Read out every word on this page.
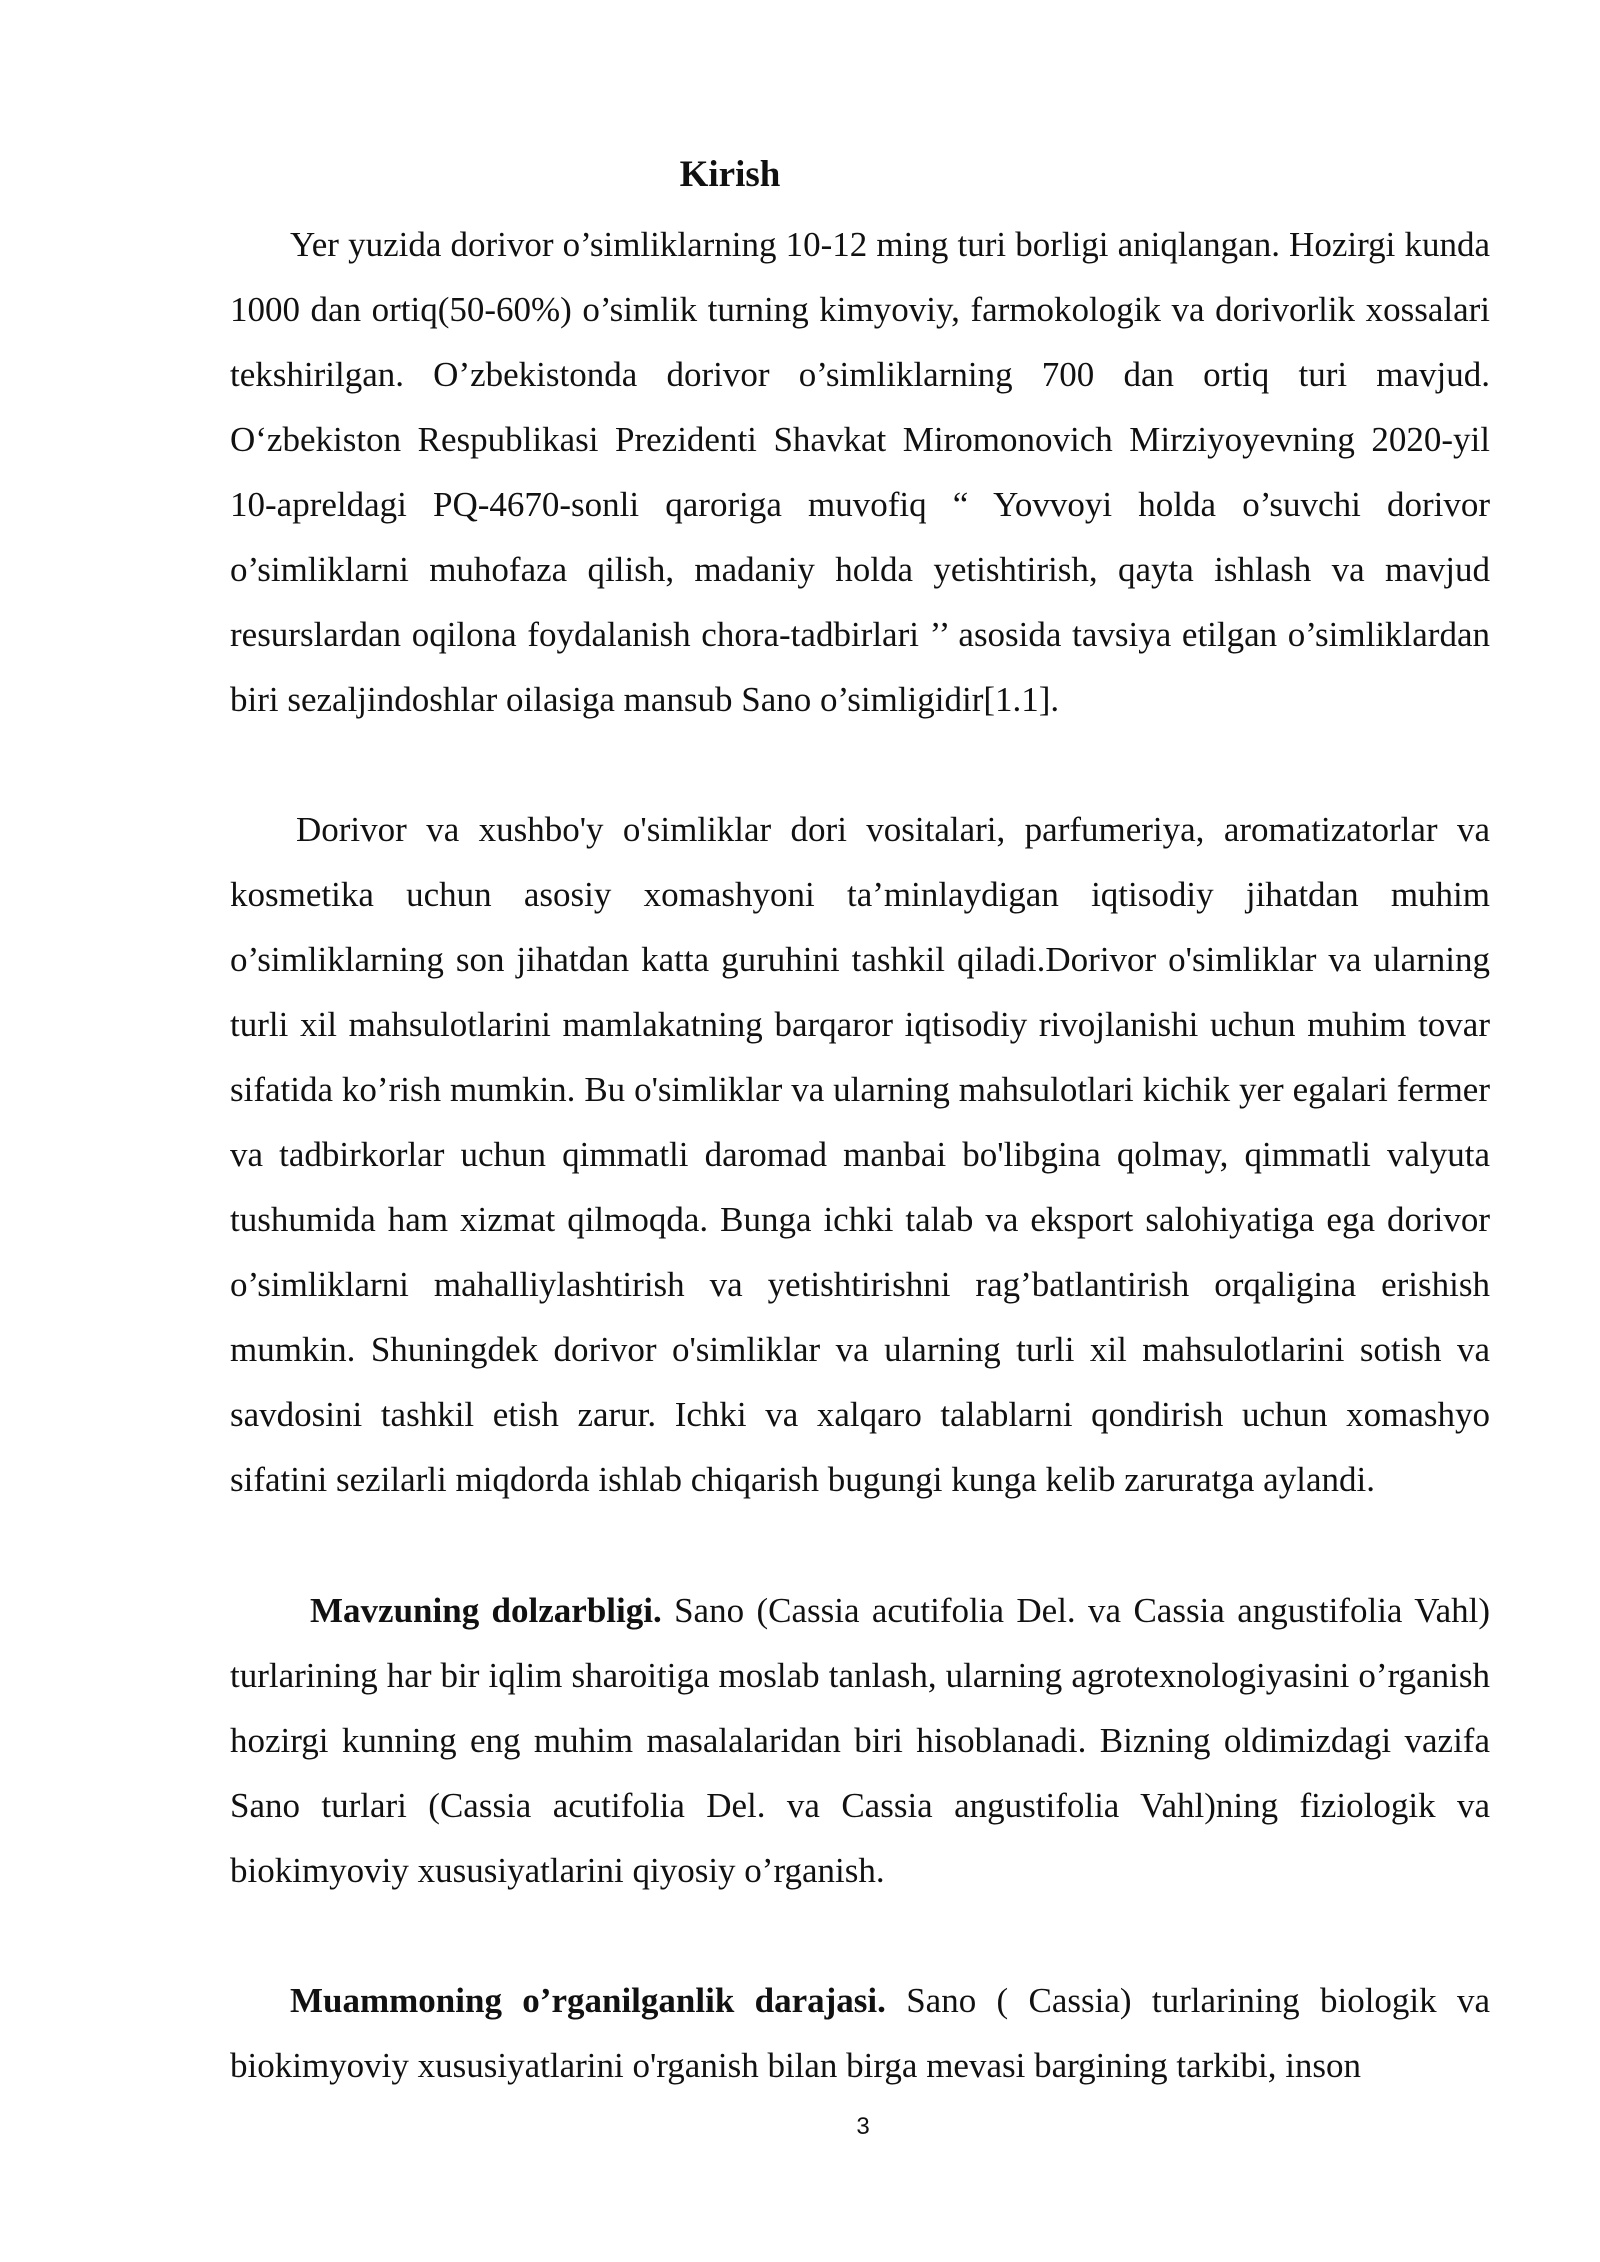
Kirish

Yer yuzida dorivor o’simliklarning 10-12 ming turi borligi aniqlangan. Hozirgi kunda 1000 dan ortiq(50-60%) o’simlik turning kimyoviy, farmokologik va dorivorlik xossalari tekshirilgan. O’zbekistonda dorivor o’simliklarning 700 dan ortiq turi mavjud. O‘zbekiston Respublikasi Prezidenti Shavkat Miromonovich Mirziyoyevning 2020-yil 10-apreldagi PQ-4670-sonli qaroriga muvofiq “ Yovvoyi holda o’suvchi dorivor o’simliklarni muhofaza qilish, madaniy holda yetishtirish, qayta ishlash va mavjud resurslardan oqilona foydalanish chora-tadbirlari ’’ asosida tavsiya etilgan o’simliklardan biri sezaljindoshlar oilasiga mansub Sano o’simligidir[1.1].

Dorivor va xushbo'y o'simliklar dori vositalari, parfumeriya, aromatizatorlar va kosmetika uchun asosiy xomashyoni ta’minlaydigan iqtisodiy jihatdan muhim o’simliklarning son jihatdan katta guruhini tashkil qiladi.Dorivor o'simliklar va ularning turli xil mahsulotlarini mamlakatning barqaror iqtisodiy rivojlanishi uchun muhim tovar sifatida ko’rish mumkin. Bu o'simliklar va ularning mahsulotlari kichik yer egalari fermer va tadbirkorlar uchun qimmatli daromad manbai bo'libgina qolmay, qimmatli valyuta tushumida ham xizmat qilmoqda. Bunga ichki talab va eksport salohiyatiga ega dorivor o’simliklarni mahalliylashtirish va yetishtirishni rag’batlantirish orqaligina erishish mumkin. Shuningdek dorivor o'simliklar va ularning turli xil mahsulotlarini sotish va savdosini tashkil etish zarur. Ichki va xalqaro talablarni qondirish uchun xomashyo sifatini sezilarli miqdorda ishlab chiqarish bugungi kunga kelib zaruratga aylandi.

Mavzuning dolzarbligi. Sano (Cassia acutifolia Del. va Cassia angustifolia Vahl) turlarining har bir iqlim sharoitiga moslab tanlash, ularning agrotexnologiyasini o’rganish hozirgi kunning eng muhim masalalaridan biri hisoblanadi. Bizning oldimizdagi vazifa Sano turlari (Cassia acutifolia Del. va Cassia angustifolia Vahl)ning fiziologik va biokimyoviy xususiyatlarini qiyosiy o’rganish.

Muammoning o’rganilganlik darajasi. Sano ( Cassia) turlarining biologik va biokimyoviy xususiyatlarini o'rganish bilan birga mevasi bargining tarkibi, inson

3
